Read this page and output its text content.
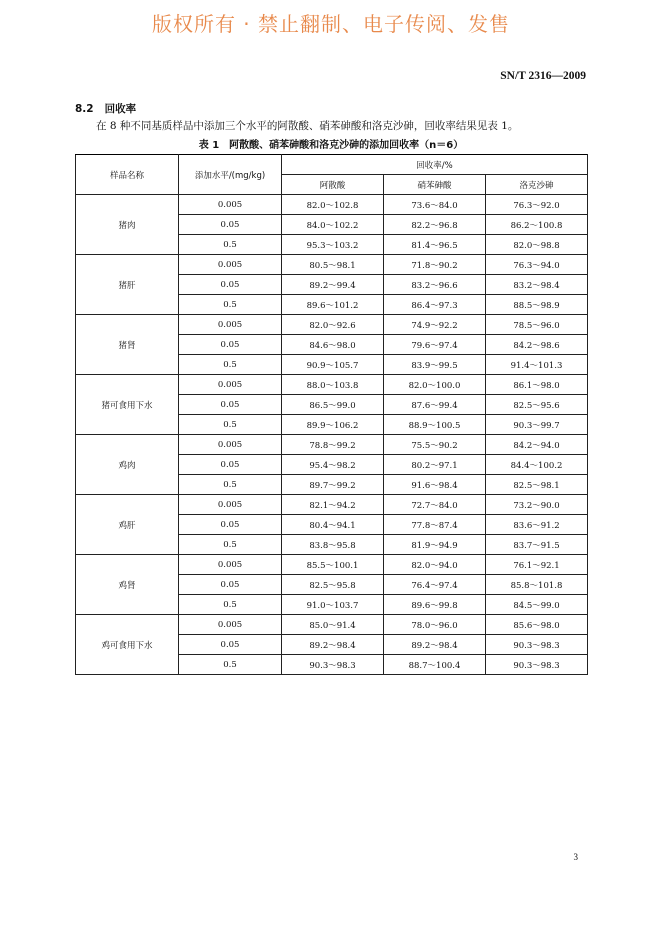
版权所有 · 禁止翻制、电子传阅、发售
SN/T 2316—2009
8.2 回收率
在 8 种不同基质样品中添加三个水平的阿散酸、硝苯砷酸和洛克沙砷，回收率结果见表 1。
表 1　阿散酸、硝苯砷酸和洛克沙砷的添加回收率（n＝6）
样品名称	添加水平/(mg/kg)	回收率/%		
		阿散酸	硝苯砷酸	洛克沙砷
猪肉	0.005	82.0～102.8	73.6～84.0	76.3～92.0
	0.05	84.0～102.2	82.2～96.8	86.2～100.8
	0.5	95.3～103.2	81.4～96.5	82.0～98.8
猪肝	0.005	80.5～98.1	71.8～90.2	76.3～94.0
	0.05	89.2～99.4	83.2～96.6	83.2～98.4
	0.5	89.6～101.2	86.4～97.3	88.5～98.9
猪肾	0.005	82.0～92.6	74.9～92.2	78.5～96.0
	0.05	84.6～98.0	79.6～97.4	84.2～98.6
	0.5	90.9～105.7	83.9～99.5	91.4～101.3
猪可食用下水	0.005	88.0～103.8	82.0～100.0	86.1～98.0
	0.05	86.5～99.0	87.6～99.4	82.5～95.6
	0.5	89.9～106.2	88.9～100.5	90.3～99.7
鸡肉	0.005	78.8～99.2	75.5～90.2	84.2～94.0
	0.05	95.4～98.2	80.2～97.1	84.4～100.2
	0.5	89.7～99.2	91.6～98.4	82.5～98.1
鸡肝	0.005	82.1～94.2	72.7～84.0	73.2～90.0
	0.05	80.4～94.1	77.8～87.4	83.6～91.2
	0.5	83.8～95.8	81.9～94.9	83.7～91.5
鸡肾	0.005	85.5～100.1	82.0～94.0	76.1～92.1
	0.05	82.5～95.8	76.4～97.4	85.8～101.8
	0.5	91.0～103.7	89.6～99.8	84.5～99.0
鸡可食用下水	0.005	85.0～91.4	78.0～96.0	85.6～98.0
	0.05	89.2～98.4	89.2～98.4	90.3～98.3
	0.5	90.3～98.3	88.7～100.4	90.3～98.3
3
